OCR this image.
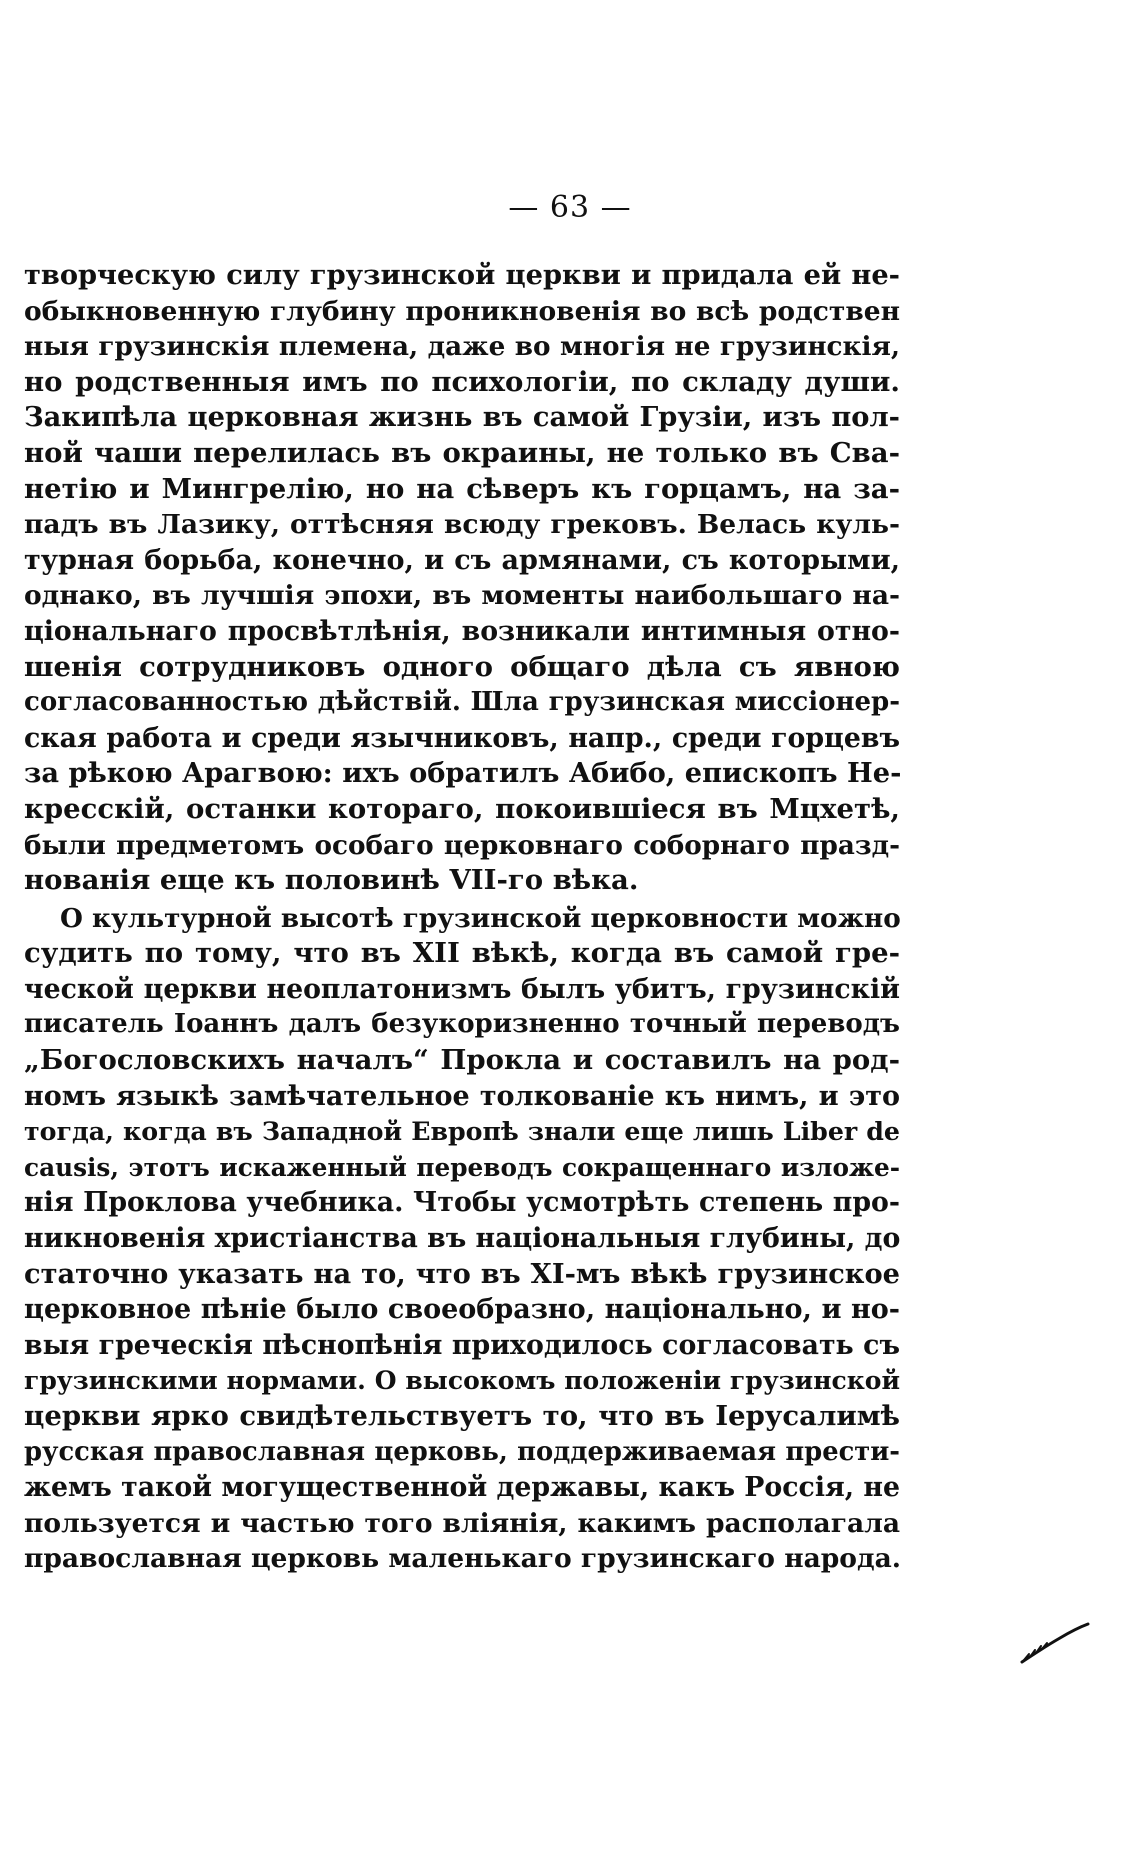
— 63 —
творческую силу грузинской церкви и придала ей не-
обыкновенную глубину проникновенія во всѣ родствен
ныя грузинскія племена, даже во многія не грузинскія,
но родственныя имъ по психологіи, по складу души.
Закипѣла церковная жизнь въ самой Грузіи, изъ пол-
ной чаши перелилась въ окраины, не только въ Сва-
нетію и Мингрелію, но на сѣверъ къ горцамъ, на за-
падъ въ Лазику, оттѣсняя всюду грековъ. Велась куль-
турная борьба, конечно, и съ армянами, съ которыми,
однако, въ лучшія эпохи, въ моменты наибольшаго на-
ціональнаго просвѣтлѣнія, возникали интимныя отно-
шенія сотрудниковъ одного общаго дѣла съ явною
согласованностью дѣйствій. Шла грузинская миссіонер-
ская работа и среди язычниковъ, напр., среди горцевъ
за рѣкою Арагвою: ихъ обратилъ Абибо, епископъ Не-
кресскій, останки котораго, покоившіеся въ Мцхетѣ,
были предметомъ особаго церковнаго соборнаго празд-
нованія еще къ половинѣ VII-го вѣка.
О культурной высотѣ грузинской церковности можно
судить по тому, что въ XII вѣкѣ, когда въ самой гре-
ческой церкви неоплатонизмъ былъ убитъ, грузинскій
писатель Іоаннъ далъ безукоризненно точный переводъ
„Богословскихъ началъ“ Прокла и составилъ на род-
номъ языкѣ замѣчательное толкованіе къ нимъ, и это
тогда, когда въ Западной Европѣ знали еще лишь Liber de
causis, этотъ искаженный переводъ сокращеннаго изложе-
нія Проклова учебника. Чтобы усмотрѣть степень про-
никновенія христіанства въ національныя глубины, до
статочно указать на то, что въ XI-мъ вѣкѣ грузинское
церковное пѣніе было своеобразно, національно, и но-
выя греческія пѣснопѣнія приходилось согласовать съ
грузинскими нормами. О высокомъ положеніи грузинской
церкви ярко свидѣтельствуетъ то, что въ Іерусалимѣ
русская православная церковь, поддерживаемая прести-
жемъ такой могущественной державы, какъ Россія, не
пользуется и частью того вліянія, какимъ располагала
православная церковь маленькаго грузинскаго народа.
